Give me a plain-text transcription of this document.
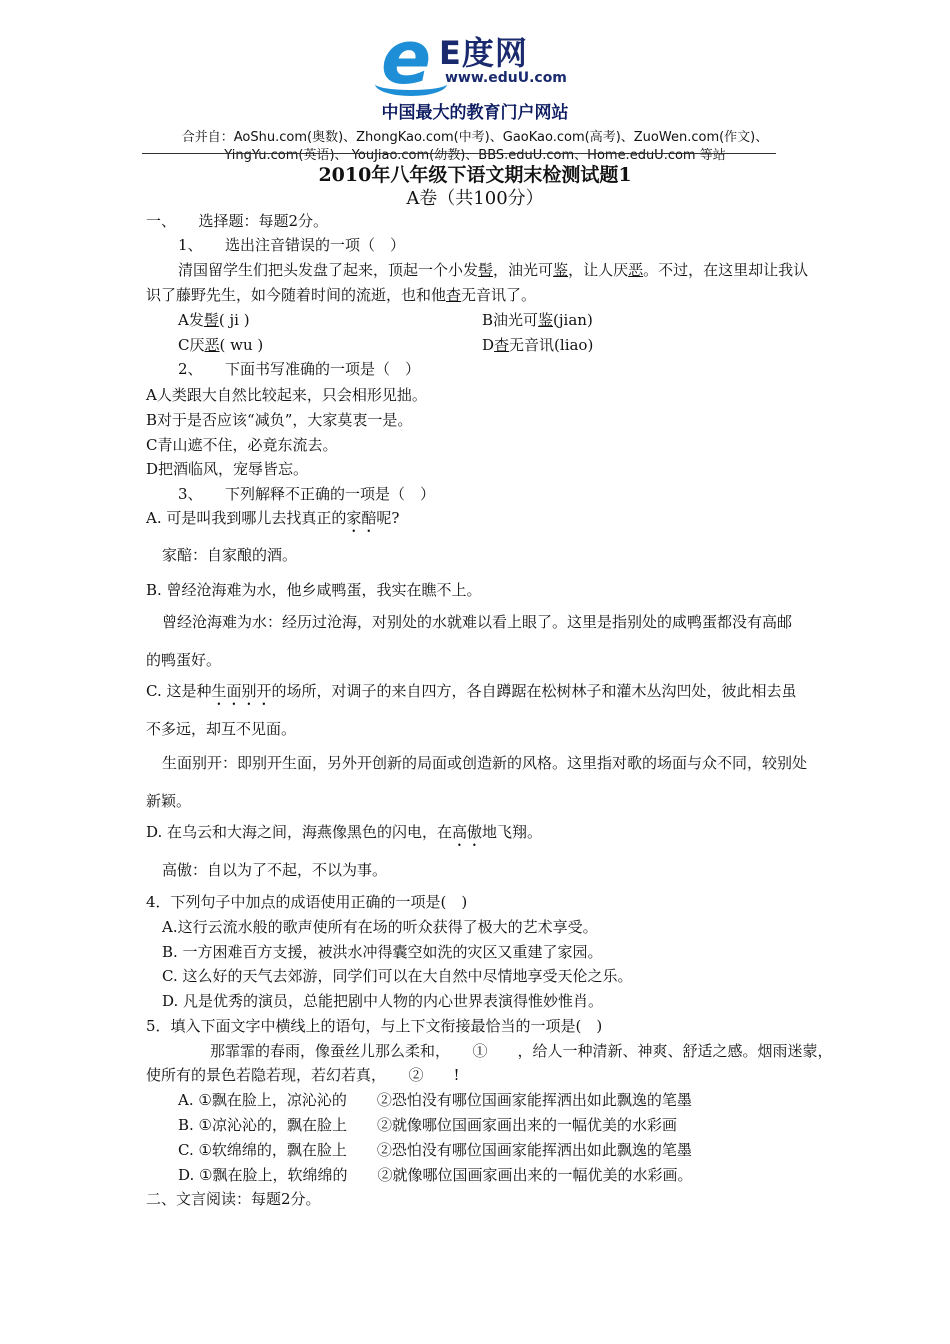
e E度网
www.eduU.com
中国最大的教育门户网站
合并自：AoShu.com(奥数)、ZhongKao.com(中考)、GaoKao.com(高考)、ZuoWen.com(作文)、
YingYu.com(英语)、 YouJiao.com(幼教)、BBS.eduU.com、Home.eduU.com 等站
2010年八年级下语文期末检测试题1
A卷（共100分）
一、　　选择题：每题2分。
1、　　选出注音错误的一项（　）
清国留学生们把头发盘了起来，顶起一个小发髻，油光可鉴，让人厌恶。不过，在这里却让我认
识了藤野先生，如今随着时间的流逝，也和他杳无音讯了。
A发髻( ji )	B油光可鉴(jian)
C厌恶( wu )	D杳无音讯(liao)
2、　　下面书写准确的一项是（　）
A人类跟大自然比较起来，只会相形见拙。
B对于是否应该“减负”，大家莫衷一是。
C青山遮不住，必竟东流去。
D把酒临风，宠辱皆忘。
3、　　下列解释不正确的一项是（　）
A. 可是叫我到哪儿去找真正的家醅呢?
家醅：自家酿的酒。
B. 曾经沧海难为水，他乡咸鸭蛋，我实在瞧不上。
曾经沧海难为水：经历过沧海，对别处的水就难以看上眼了。这里是指别处的咸鸭蛋都没有高邮
的鸭蛋好。
C. 这是种生面别开的场所，对调子的来自四方，各自蹲踞在松树林子和灌木丛沟凹处，彼此相去虽
不多远，却互不见面。
生面别开：即别开生面，另外开创新的局面或创造新的风格。这里指对歌的场面与众不同，较别处
新颖。
D. 在乌云和大海之间，海燕像黑色的闪电，在高傲地飞翔。
高傲：自以为了不起，不以为事。
4．下列句子中加点的成语使用正确的一项是(　)
A.这行云流水般的歌声使所有在场的听众获得了极大的艺术享受。
B. 一方困难百方支援，被洪水冲得囊空如洗的灾区又重建了家园。
C. 这么好的天气去郊游，同学们可以在大自然中尽情地享受天伦之乐。
D. 凡是优秀的演员，总能把剧中人物的内心世界表演得惟妙惟肖。
5．填入下面文字中横线上的语句，与上下文衔接最恰当的一项是(　)
那霏霏的春雨，像蚕丝儿那么柔和，　　①　　，给人一种清新、神爽、舒适之感。烟雨迷蒙，
使所有的景色若隐若现，若幻若真，　　②　　!
A. ①飘在脸上，凉沁沁的　　②恐怕没有哪位国画家能挥洒出如此飘逸的笔墨
B. ①凉沁沁的，飘在脸上　　②就像哪位国画家画出来的一幅优美的水彩画
C. ①软绵绵的，飘在脸上　　②恐怕没有哪位国画家能挥洒出如此飘逸的笔墨
D. ①飘在脸上，软绵绵的　　②就像哪位国画家画出来的一幅优美的水彩画。
二、文言阅读：每题2分。
